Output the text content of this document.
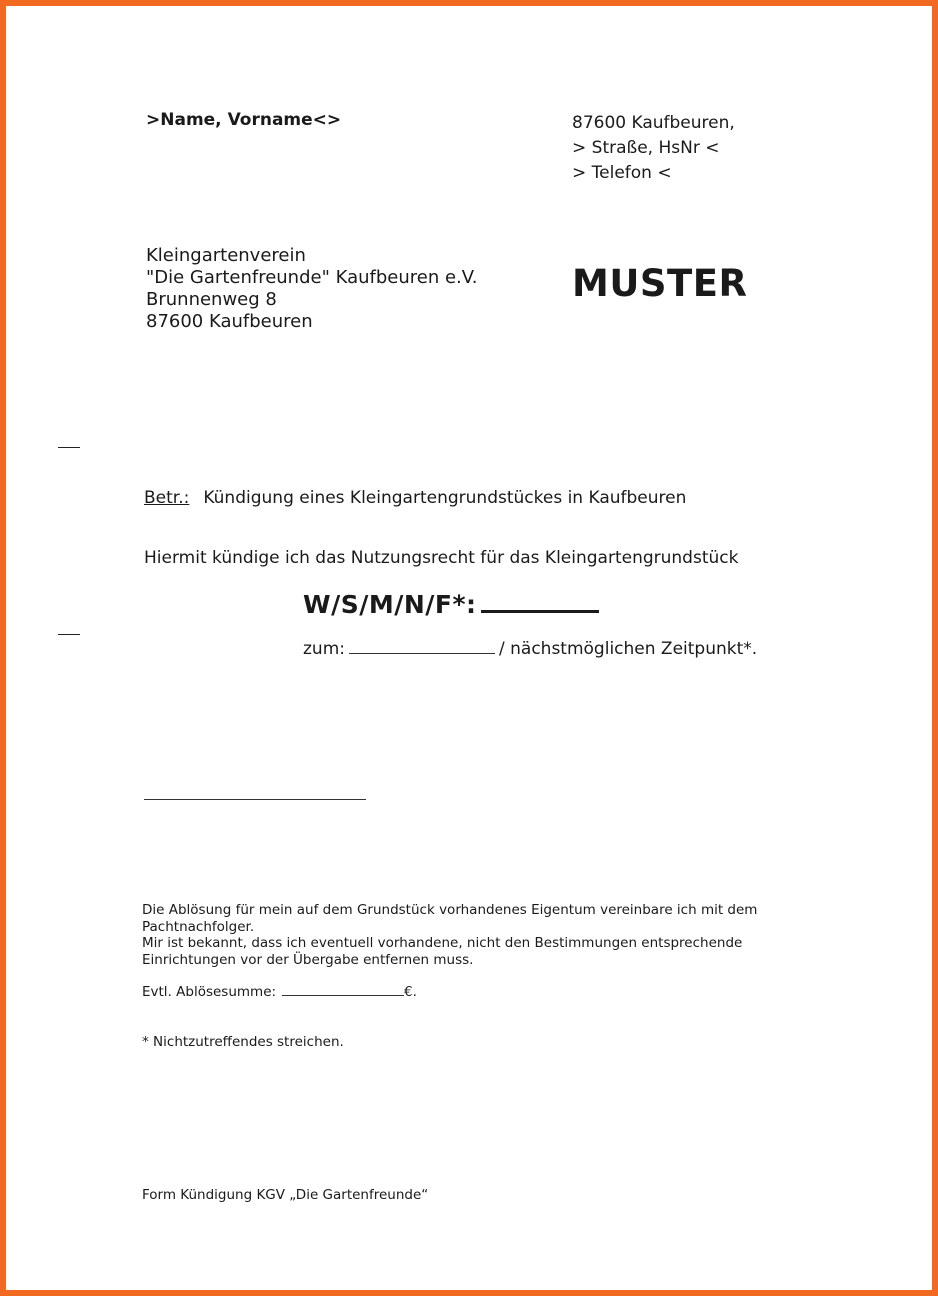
>Name, Vorname<>	87600 Kaufbeuren,
> Straße, HsNr <
> Telefon <
Kleingartenverein
"Die Gartenfreunde" Kaufbeuren e.V.
Brunnenweg 8
87600 Kaufbeuren
MUSTER
Betr.: Kündigung eines Kleingartengrundstückes in Kaufbeuren
Hiermit kündige ich das Nutzungsrecht für das Kleingartengrundstück
W/S/M/N/F*:
zum:	/ nächstmöglichen Zeitpunkt*.
Die Ablösung für mein auf dem Grundstück vorhandenes Eigentum vereinbare ich mit dem
Pachtnachfolger.
Mir ist bekannt, dass ich eventuell vorhandene, nicht den Bestimmungen entsprechende
Einrichtungen vor der Übergabe entfernen muss.
Evtl. Ablösesumme:	€.
* Nichtzutreffendes streichen.
Form Kündigung KGV „Die Gartenfreunde“
